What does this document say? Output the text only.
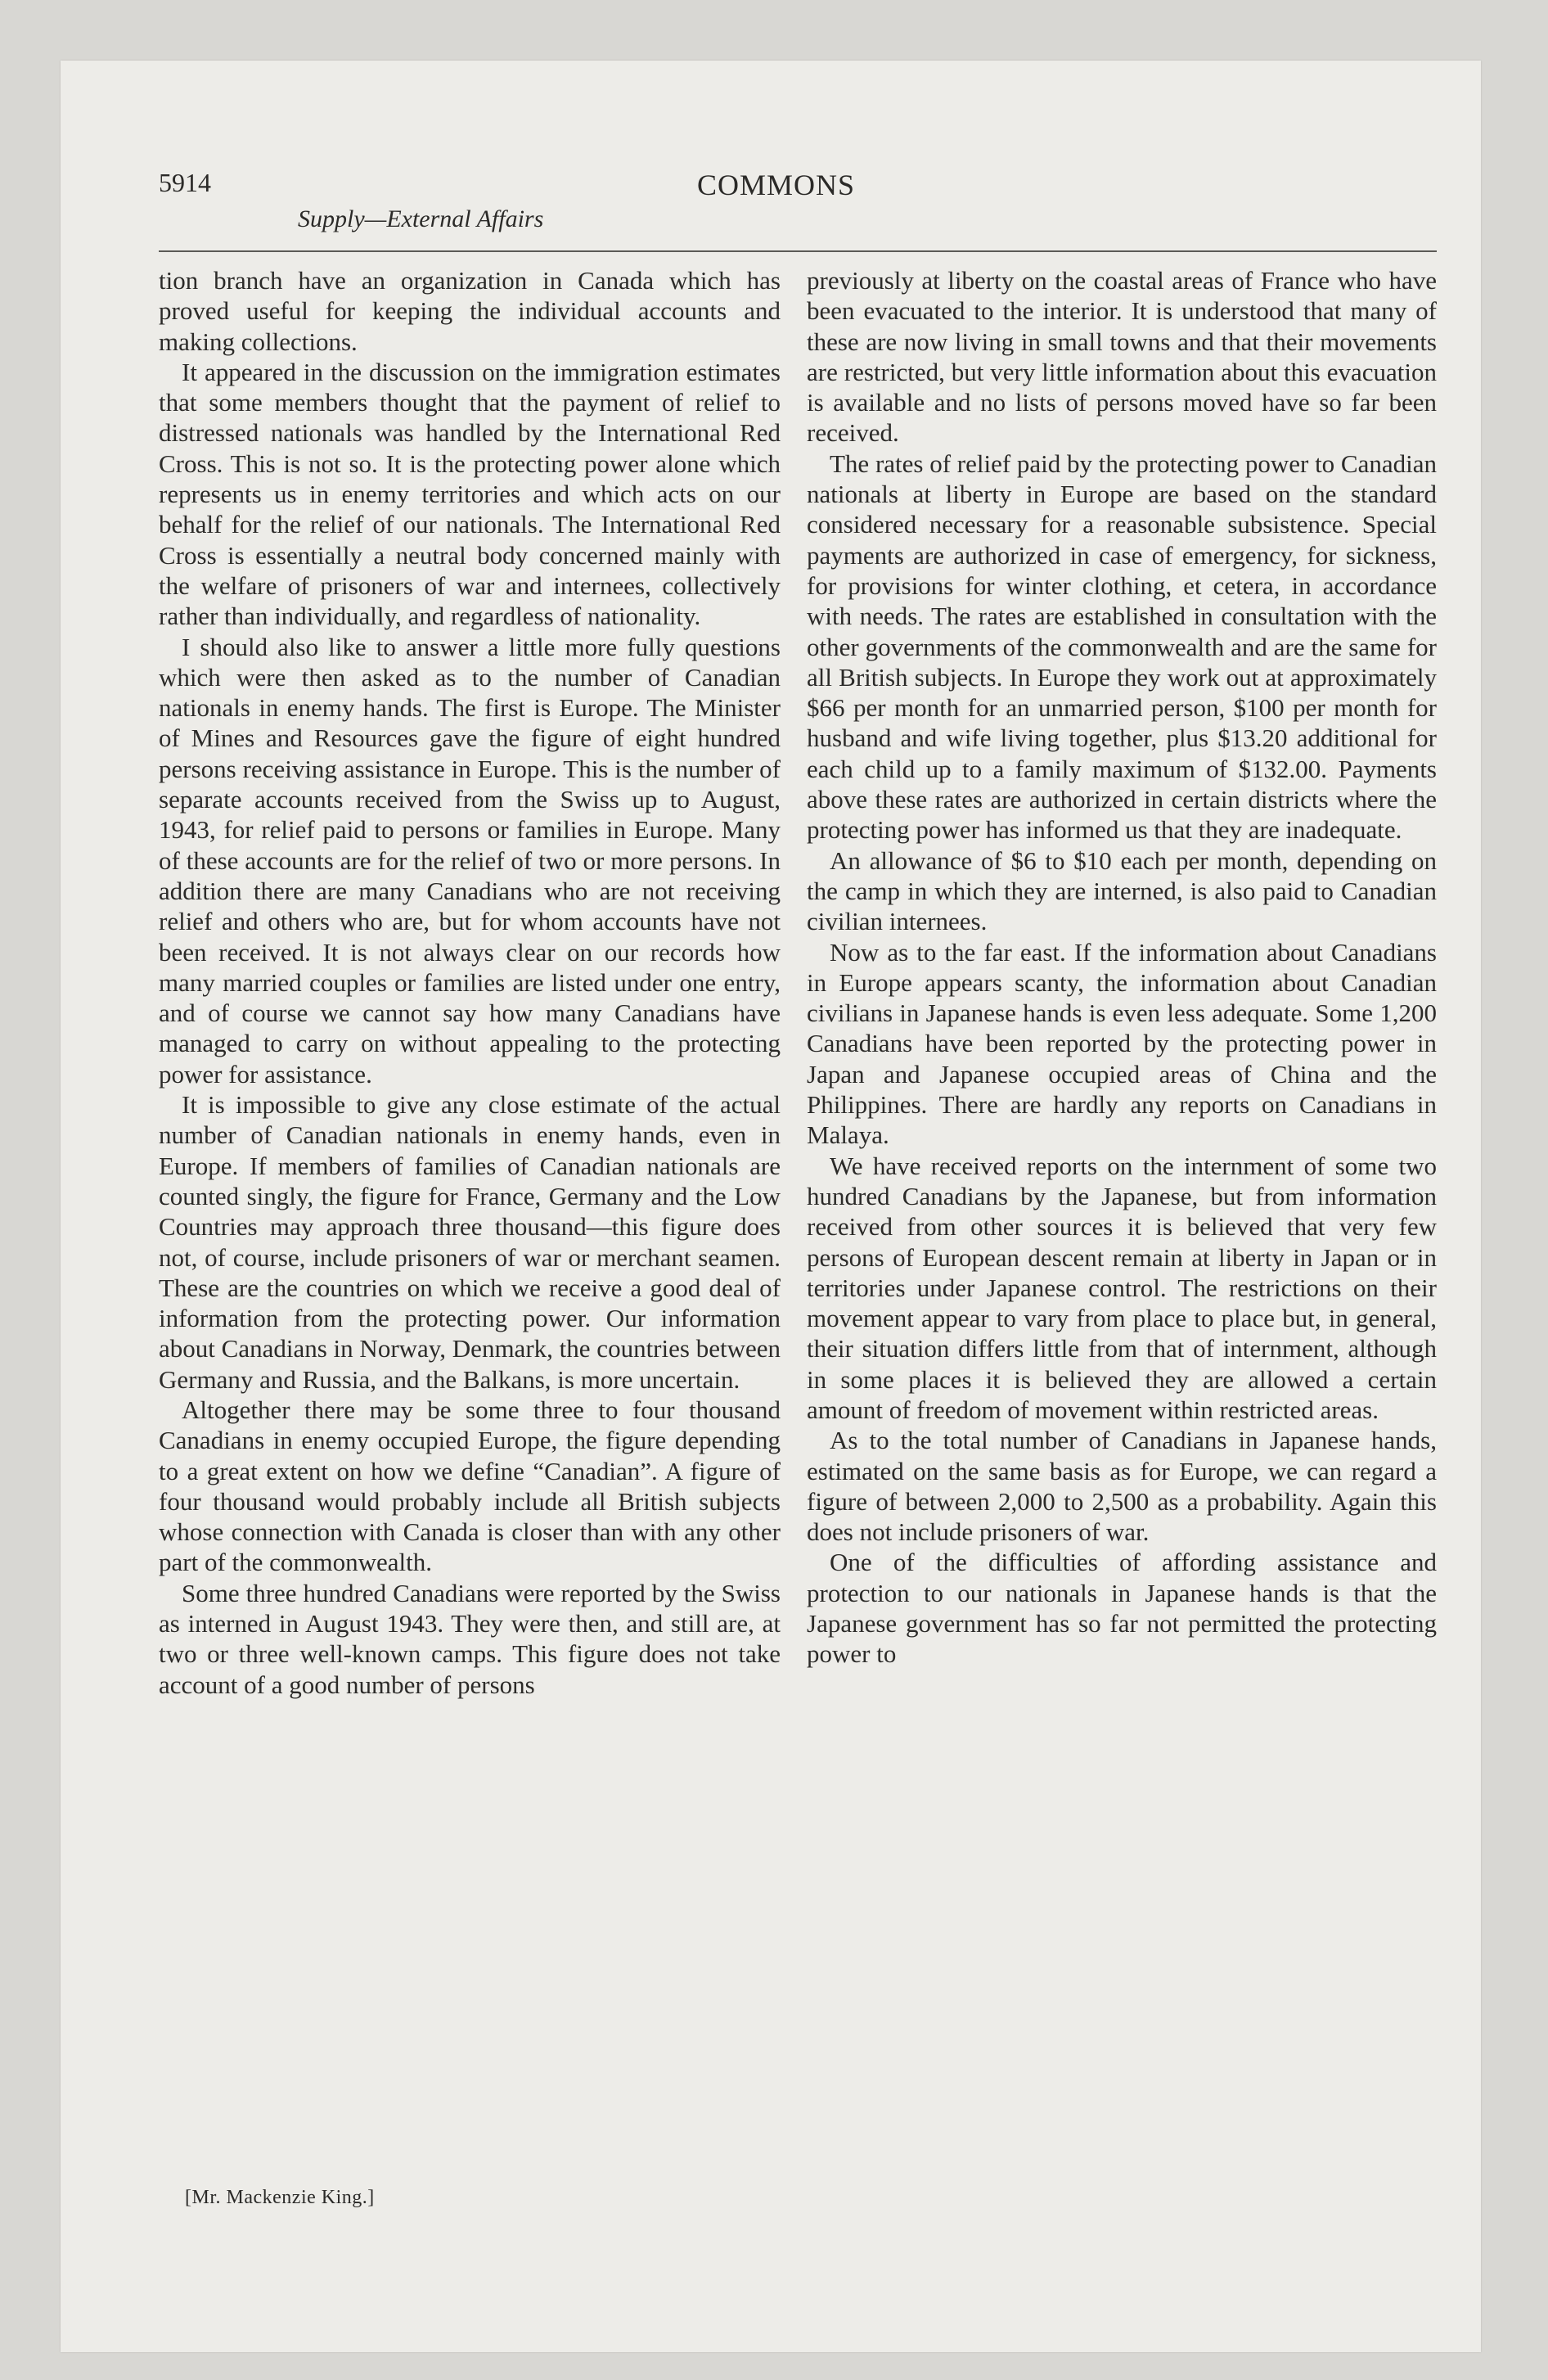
5914
Supply—External Affairs
COMMONS

tion branch have an organization in Canada which has proved useful for keeping the individual accounts and making collections.

It appeared in the discussion on the immigration estimates that some members thought that the payment of relief to distressed nationals was handled by the International Red Cross. This is not so. It is the protecting power alone which represents us in enemy territories and which acts on our behalf for the relief of our nationals. The International Red Cross is essentially a neutral body concerned mainly with the welfare of prisoners of war and internees, collectively rather than individually, and regardless of nationality.

I should also like to answer a little more fully questions which were then asked as to the number of Canadian nationals in enemy hands. The first is Europe. The Minister of Mines and Resources gave the figure of eight hundred persons receiving assistance in Europe. This is the number of separate accounts received from the Swiss up to August, 1943, for relief paid to persons or families in Europe. Many of these accounts are for the relief of two or more persons. In addition there are many Canadians who are not receiving relief and others who are, but for whom accounts have not been received. It is not always clear on our records how many married couples or families are listed under one entry, and of course we cannot say how many Canadians have managed to carry on without appealing to the protecting power for assistance.

It is impossible to give any close estimate of the actual number of Canadian nationals in enemy hands, even in Europe. If members of families of Canadian nationals are counted singly, the figure for France, Germany and the Low Countries may approach three thousand—this figure does not, of course, include prisoners of war or merchant seamen. These are the countries on which we receive a good deal of information from the protecting power. Our information about Canadians in Norway, Denmark, the countries between Germany and Russia, and the Balkans, is more uncertain.

Altogether there may be some three to four thousand Canadians in enemy occupied Europe, the figure depending to a great extent on how we define “Canadian”. A figure of four thousand would probably include all British subjects whose connection with Canada is closer than with any other part of the commonwealth.

Some three hundred Canadians were reported by the Swiss as interned in August 1943. They were then, and still are, at two or three well-known camps. This figure does not take account of a good number of persons

previously at liberty on the coastal areas of France who have been evacuated to the interior. It is understood that many of these are now living in small towns and that their movements are restricted, but very little information about this evacuation is available and no lists of persons moved have so far been received.

The rates of relief paid by the protecting power to Canadian nationals at liberty in Europe are based on the standard considered necessary for a reasonable subsistence. Special payments are authorized in case of emergency, for sickness, for provisions for winter clothing, et cetera, in accordance with needs. The rates are established in consultation with the other governments of the commonwealth and are the same for all British subjects. In Europe they work out at approximately $66 per month for an unmarried person, $100 per month for husband and wife living together, plus $13.20 additional for each child up to a family maximum of $132.00. Payments above these rates are authorized in certain districts where the protecting power has informed us that they are inadequate.

An allowance of $6 to $10 each per month, depending on the camp in which they are interned, is also paid to Canadian civilian internees.

Now as to the far east. If the information about Canadians in Europe appears scanty, the information about Canadian civilians in Japanese hands is even less adequate. Some 1,200 Canadians have been reported by the protecting power in Japan and Japanese occupied areas of China and the Philippines. There are hardly any reports on Canadians in Malaya.

We have received reports on the internment of some two hundred Canadians by the Japanese, but from information received from other sources it is believed that very few persons of European descent remain at liberty in Japan or in territories under Japanese control. The restrictions on their movement appear to vary from place to place but, in general, their situation differs little from that of internment, although in some places it is believed they are allowed a certain amount of freedom of movement within restricted areas.

As to the total number of Canadians in Japanese hands, estimated on the same basis as for Europe, we can regard a figure of between 2,000 to 2,500 as a probability. Again this does not include prisoners of war.

One of the difficulties of affording assistance and protection to our nationals in Japanese hands is that the Japanese government has so far not permitted the protecting power to

[Mr. Mackenzie King.]
